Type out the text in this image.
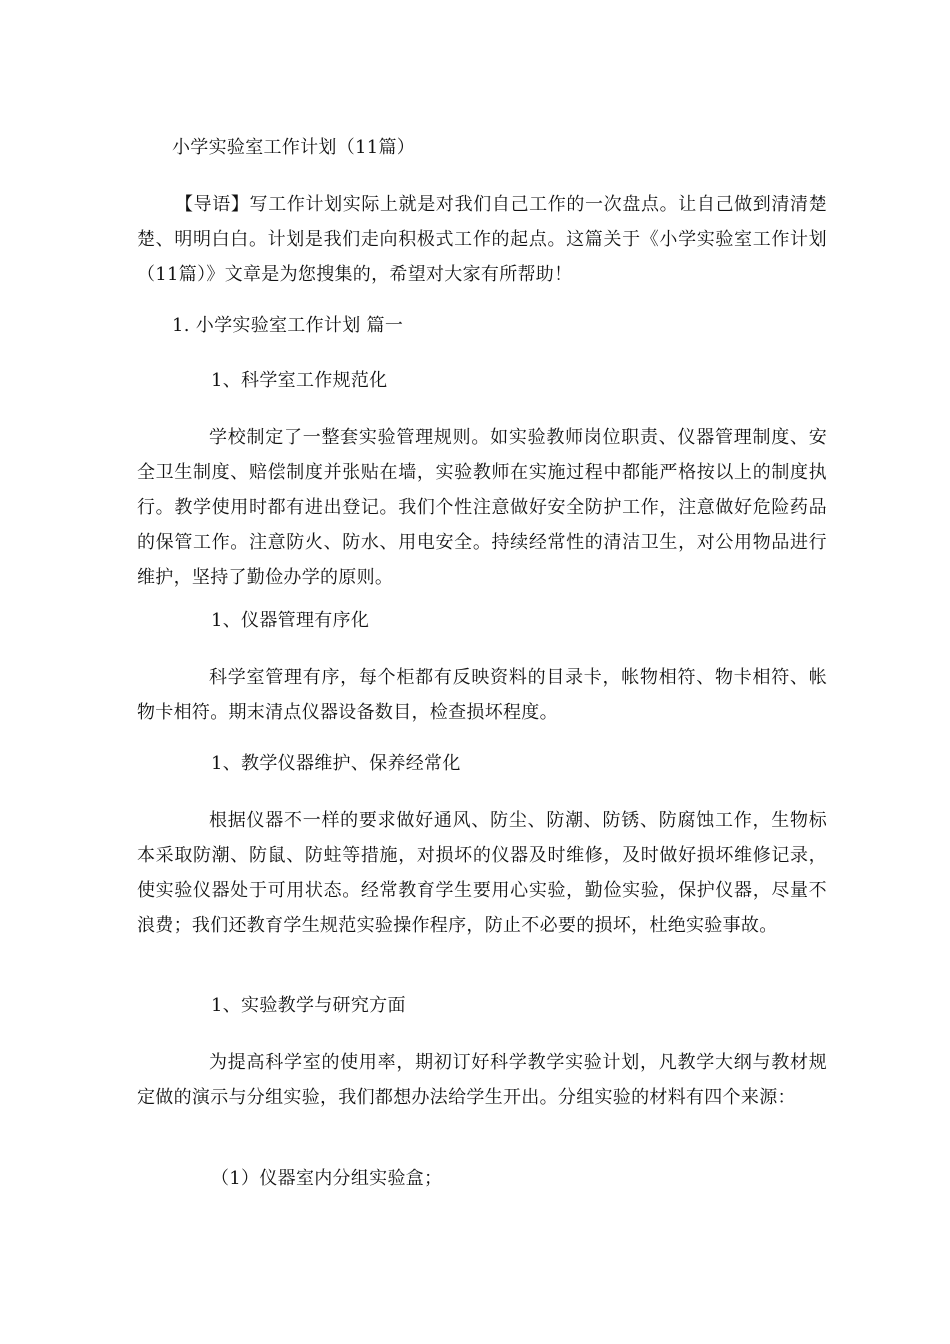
小学实验室工作计划（11篇）

【导语】写工作计划实际上就是对我们自己工作的一次盘点。让自己做到清清楚楚、明明白白。计划是我们走向积极式工作的起点。这篇关于《小学实验室工作计划（11篇）》文章是为您搜集的，希望对大家有所帮助！

1. 小学实验室工作计划 篇一
1、科学室工作规范化

学校制定了一整套实验管理规则。如实验教师岗位职责、仪器管理制度、安全卫生制度、赔偿制度并张贴在墙，实验教师在实施过程中都能严格按以上的制度执行。教学使用时都有进出登记。我们个性注意做好安全防护工作，注意做好危险药品的保管工作。注意防火、防水、用电安全。持续经常性的清洁卫生，对公用物品进行维护，坚持了勤俭办学的原则。

1、仪器管理有序化

科学室管理有序，每个柜都有反映资料的目录卡，帐物相符、物卡相符、帐物卡相符。期末清点仪器设备数目，检查损坏程度。

1、教学仪器维护、保养经常化

根据仪器不一样的要求做好通风、防尘、防潮、防锈、防腐蚀工作，生物标本采取防潮、防鼠、防蛀等措施，对损坏的仪器及时维修，及时做好损坏维修记录，使实验仪器处于可用状态。经常教育学生要用心实验，勤俭实验，保护仪器，尽量不浪费；我们还教育学生规范实验操作程序，防止不必要的损坏，杜绝实验事故。

1、实验教学与研究方面

为提高科学室的使用率，期初订好科学教学实验计划，凡教学大纲与教材规定做的演示与分组实验，我们都想办法给学生开出。分组实验的材料有四个来源：

（1）仪器室内分组实验盒；
